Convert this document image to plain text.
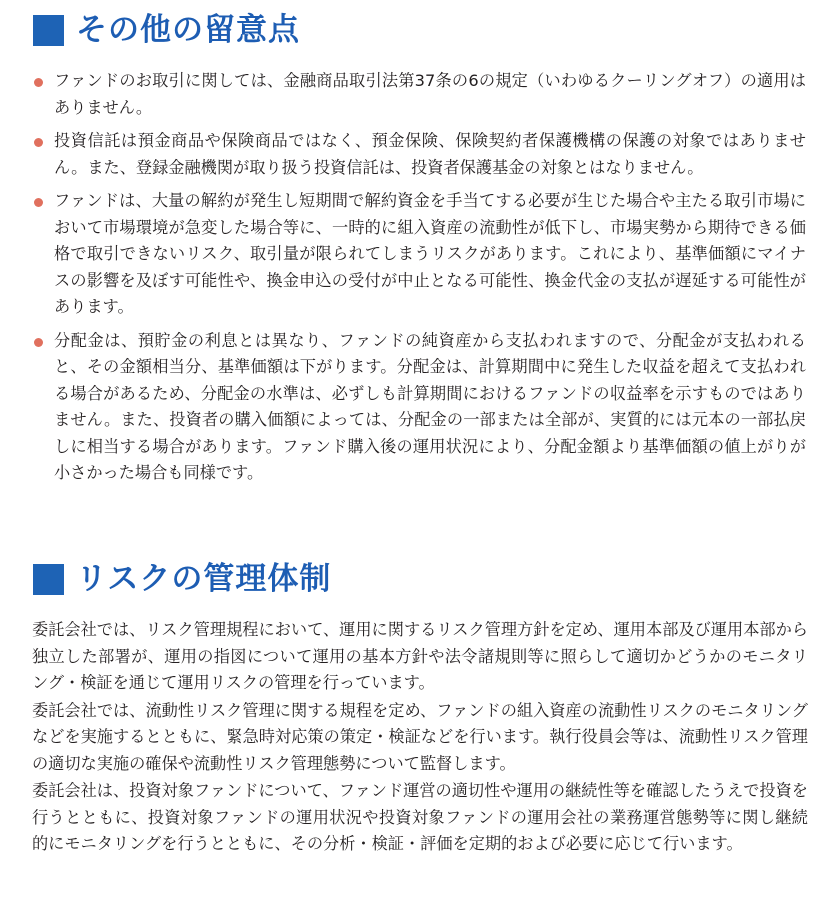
その他の留意点
ファンドのお取引に関しては、金融商品取引法第37条の6の規定（いわゆるクーリングオフ）の適用はありません。
投資信託は預金商品や保険商品ではなく、預金保険、保険契約者保護機構の保護の対象ではありません。また、登録金融機関が取り扱う投資信託は、投資者保護基金の対象とはなりません。
ファンドは、大量の解約が発生し短期間で解約資金を手当てする必要が生じた場合や主たる取引市場において市場環境が急変した場合等に、一時的に組入資産の流動性が低下し、市場実勢から期待できる価格で取引できないリスク、取引量が限られてしまうリスクがあります。これにより、基準価額にマイナスの影響を及ぼす可能性や、換金申込の受付が中止となる可能性、換金代金の支払が遅延する可能性があります。
分配金は、預貯金の利息とは異なり、ファンドの純資産から支払われますので、分配金が支払われると、その金額相当分、基準価額は下がります。分配金は、計算期間中に発生した収益を超えて支払われる場合があるため、分配金の水準は、必ずしも計算期間におけるファンドの収益率を示すものではありません。また、投資者の購入価額によっては、分配金の一部または全部が、実質的には元本の一部払戻しに相当する場合があります。ファンド購入後の運用状況により、分配金額より基準価額の値上がりが小さかった場合も同様です。
リスクの管理体制

委託会社では、リスク管理規程において、運用に関するリスク管理方針を定め、運用本部及び運用本部から独立した部署が、運用の指図について運用の基本方針や法令諸規則等に照らして適切かどうかのモニタリング・検証を通じて運用リスクの管理を行っています。

委託会社では、流動性リスク管理に関する規程を定め、ファンドの組入資産の流動性リスクのモニタリングなどを実施するとともに、緊急時対応策の策定・検証などを行います。執行役員会等は、流動性リスク管理の適切な実施の確保や流動性リスク管理態勢について監督します。

委託会社は、投資対象ファンドについて、ファンド運営の適切性や運用の継続性等を確認したうえで投資を行うとともに、投資対象ファンドの運用状況や投資対象ファンドの運用会社の業務運営態勢等に関し継続的にモニタリングを行うとともに、その分析・検証・評価を定期的および必要に応じて行います。
